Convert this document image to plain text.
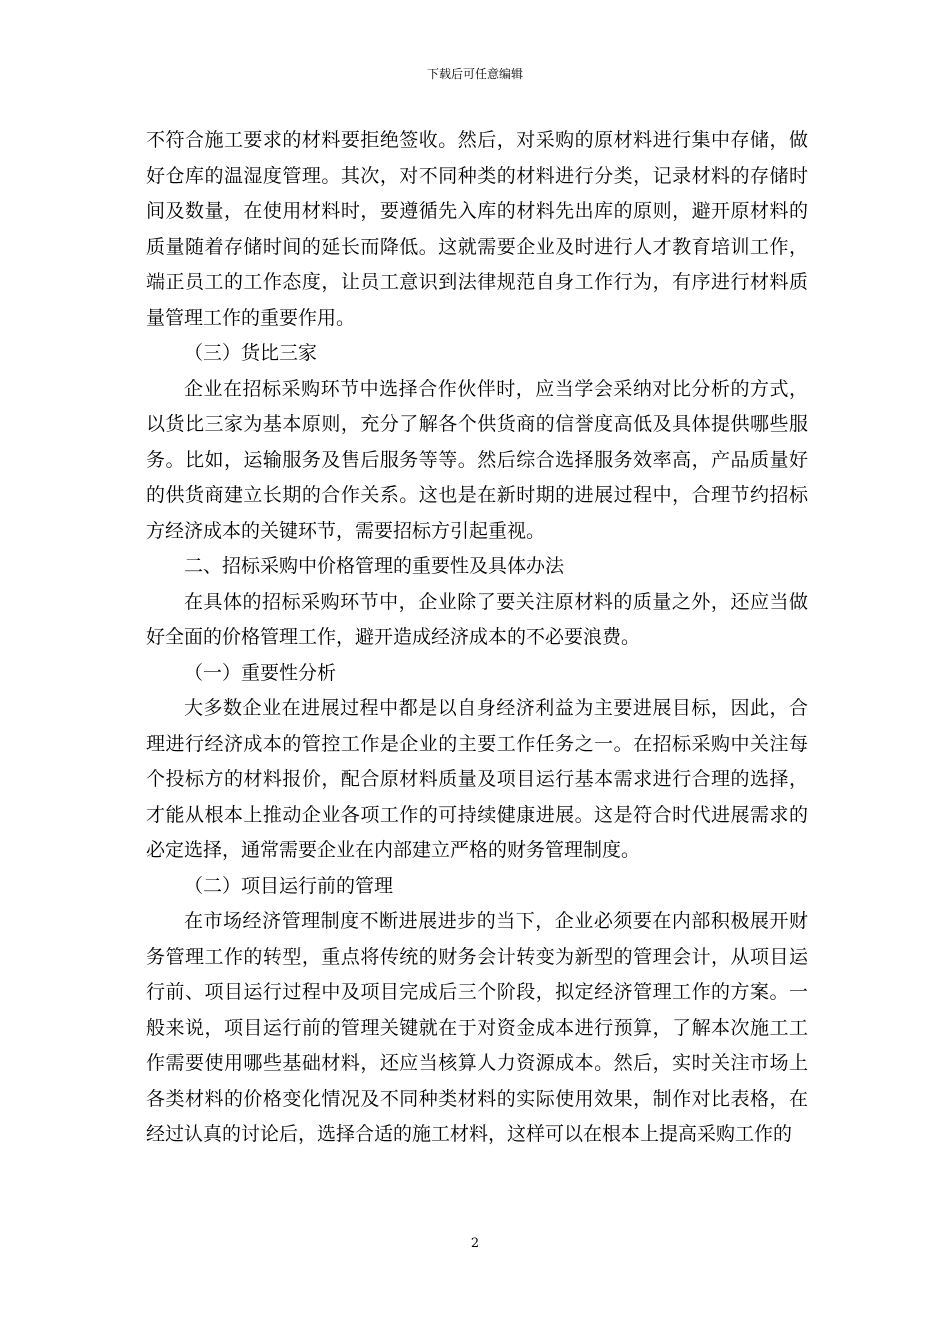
下载后可任意编辑

不符合施工要求的材料要拒绝签收。然后，对采购的原材料进行集中存储，做好仓库的温湿度管理。其次，对不同种类的材料进行分类，记录材料的存储时间及数量，在使用材料时，要遵循先入库的材料先出库的原则，避开原材料的质量随着存储时间的延长而降低。这就需要企业及时进行人才教育培训工作，端正员工的工作态度，让员工意识到法律规范自身工作行为，有序进行材料质量管理工作的重要作用。

（三）货比三家

企业在招标采购环节中选择合作伙伴时，应当学会采纳对比分析的方式，以货比三家为基本原则，充分了解各个供货商的信誉度高低及具体提供哪些服务。比如，运输服务及售后服务等等。然后综合选择服务效率高，产品质量好的供货商建立长期的合作关系。这也是在新时期的进展过程中，合理节约招标方经济成本的关键环节，需要招标方引起重视。

二、招标采购中价格管理的重要性及具体办法

在具体的招标采购环节中，企业除了要关注原材料的质量之外，还应当做好全面的价格管理工作，避开造成经济成本的不必要浪费。

（一）重要性分析

大多数企业在进展过程中都是以自身经济利益为主要进展目标，因此，合理进行经济成本的管控工作是企业的主要工作任务之一。在招标采购中关注每个投标方的材料报价，配合原材料质量及项目运行基本需求进行合理的选择，才能从根本上推动企业各项工作的可持续健康进展。这是符合时代进展需求的必定选择，通常需要企业在内部建立严格的财务管理制度。

（二）项目运行前的管理

在市场经济管理制度不断进展进步的当下，企业必须要在内部积极展开财务管理工作的转型，重点将传统的财务会计转变为新型的管理会计，从项目运行前、项目运行过程中及项目完成后三个阶段，拟定经济管理工作的方案。一般来说，项目运行前的管理关键就在于对资金成本进行预算，了解本次施工工作需要使用哪些基础材料，还应当核算人力资源成本。然后，实时关注市场上各类材料的价格变化情况及不同种类材料的实际使用效果，制作对比表格，在经过认真的讨论后，选择合适的施工材料，这样可以在根本上提高采购工作的

2
